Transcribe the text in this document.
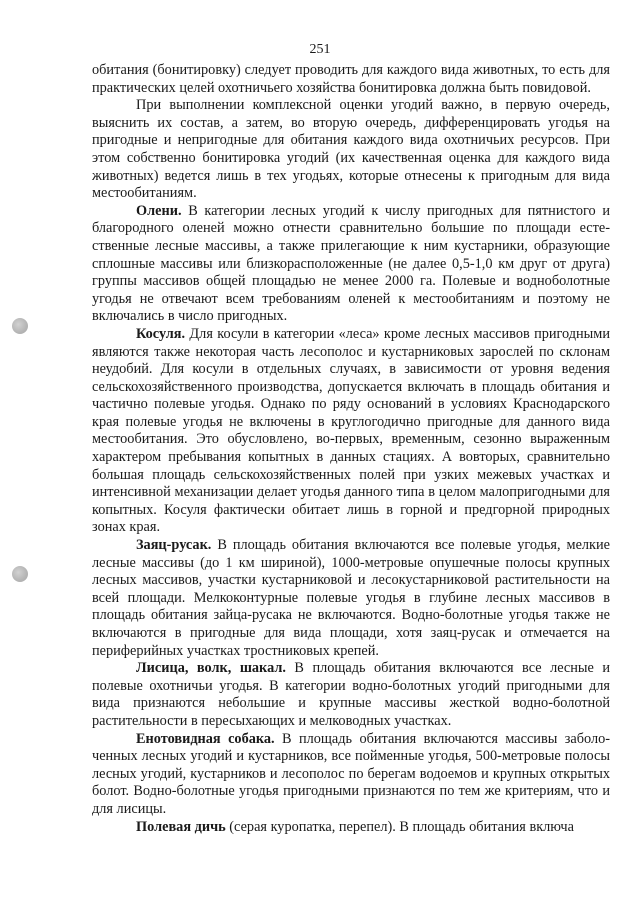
251

обитания (бонитировку) следует проводить для каждого вида животных, то есть для практических целей охотничьего хозяйства бонитировка должна быть повидовой.

При выполнении комплексной оценки угодий важно, в первую очередь, выяснить их состав, а затем, во вторую очередь, дифференцировать угодья на пригодные и непригодные для обитания каждого вида охотничьих ресурсов. При этом собственно бонитировка угодий (их качественная оценка для каждого вида животных) ведется лишь в тех угодьях, которые отнесены к пригодным для вида местообитаниям.

Олени. В категории лесных угодий к числу пригодных для пятнистого и благородного оленей можно отнести сравнительно большие по площади естественные лесные массивы, а также прилегающие к ним кустарники, образующие сплошные массивы или близкорасположенные (не далее 0,5-1,0 км друг от друга) группы массивов общей площадью не менее 2000 га. Полевые и водноболотные угодья не отвечают всем требованиям оленей к местообитаниям и поэтому не включались в число пригодных.

Косуля. Для косули в категории «леса» кроме лесных массивов пригодными являются также некоторая часть лесополос и кустарниковых зарослей по склонам неудобий. Для косули в отдельных случаях, в зависимости от уровня ведения сельскохозяйственного производства, допускается включать в площадь обитания и частично полевые угодья. Однако по ряду оснований в условиях Краснодарского края полевые угодья не включены в круглогодично пригодные для данного вида местообитания. Это обусловлено, во-первых, временным, сезонно выраженным характером пребывания копытных в данных стациях. А вовторых, сравнительно большая площадь сельскохозяйственных полей при узких межевых участках и интенсивной механизации делает угодья данного типа в целом малопригодными для копытных. Косуля фактически обитает лишь в горной и предгорной природных зонах края.

Заяц-русак. В площадь обитания включаются все полевые угодья, мелкие лесные массивы (до 1 км шириной), 1000-метровые опушечные полосы крупных лесных массивов, участки кустарниковой и лесокустарниковой растительности на всей площади. Мелкоконтурные полевые угодья в глубине лесных массивов в площадь обитания зайца-русака не включаются. Водно-болотные угодья также не включаются в пригодные для вида площади, хотя заяц-русак и отмечается на периферийных участках тростниковых крепей.

Лисица, волк, шакал. В площадь обитания включаются все лесные и полевые охотничьи угодья. В категории водно-болотных угодий пригодными для вида признаются небольшие и крупные массивы жесткой водно-болотной растительности в пересыхающих и мелководных участках.

Енотовидная собака. В площадь обитания включаются массивы заболоченных лесных угодий и кустарников, все пойменные угодья, 500-метровые полосы лесных угодий, кустарников и лесополос по берегам водоемов и крупных открытых болот. Водно-болотные угодья пригодными признаются по тем же критериям, что и для лисицы.

Полевая дичь (серая куропатка, перепел). В площадь обитания включа
